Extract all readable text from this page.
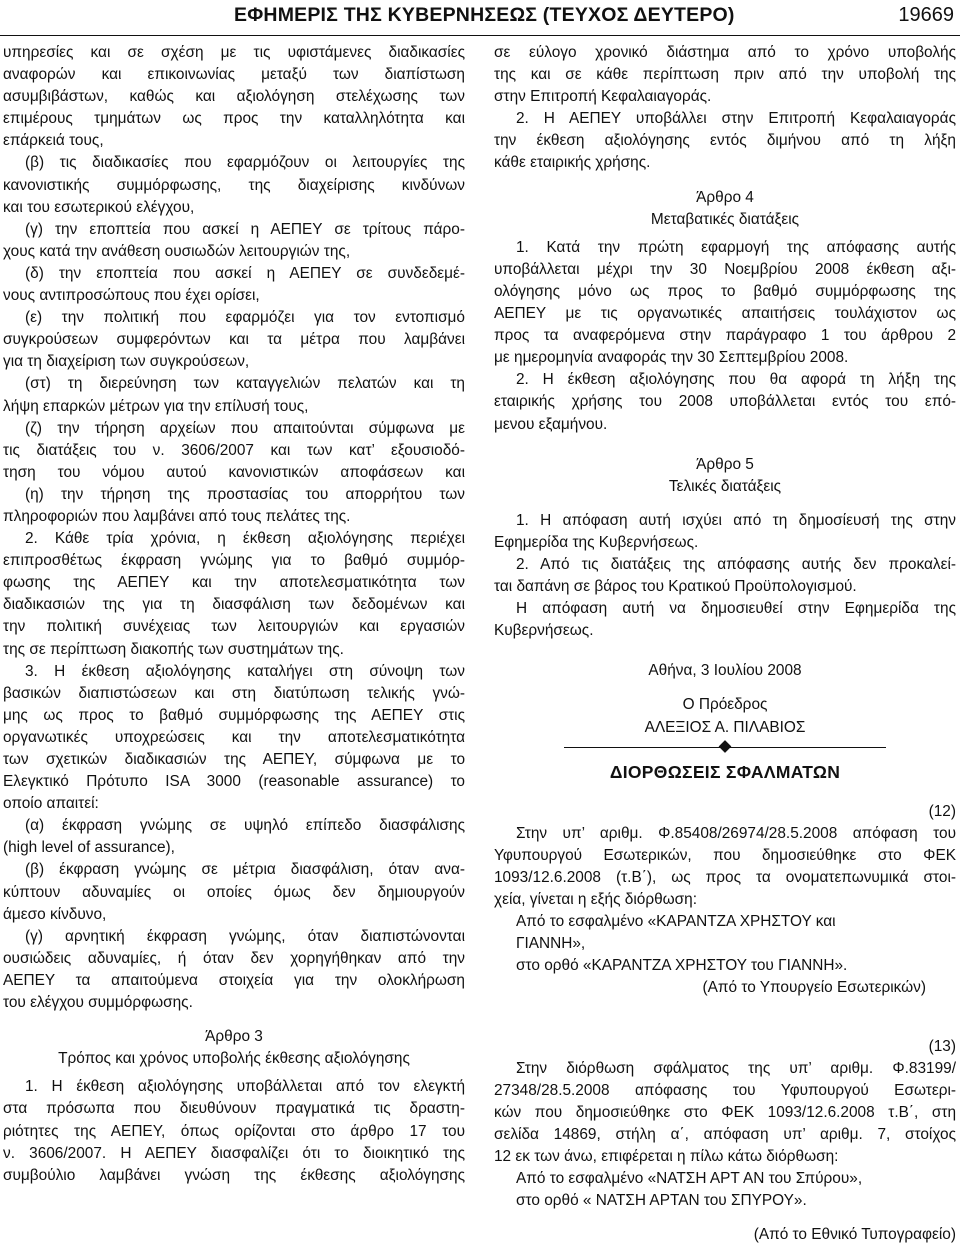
ΕΦΗΜΕΡΙΣ ΤΗΣ ΚΥΒΕΡΝΗΣΕΩΣ (ΤΕΥΧΟΣ ΔΕΥΤΕΡΟ)	19669
υπηρεσίες και σε σχέση με τις υφιστάμενες διαδικασίες
αναφορών και επικοινωνίας μεταξύ των διαπίστωση
ασυμβιβάστων, καθώς και αξιολόγηση στελέχωσης των
επιμέρους τμημάτων ως προς την καταλληλότητα και
επάρκειά τους,
(β) τις διαδικασίες που εφαρμόζουν οι λειτουργίες της
κανονιστικής συμμόρφωσης, της διαχείρισης κινδύνων
και του εσωτερικού ελέγχου,
(γ) την εποπτεία που ασκεί η ΑΕΠΕΥ σε τρίτους πάρο-
χους κατά την ανάθεση ουσιωδών λειτουργιών της,
(δ) την εποπτεία που ασκεί η ΑΕΠΕΥ σε συνδεδεμέ-
νους αντιπροσώπους που έχει ορίσει,
(ε) την πολιτική που εφαρμόζει για τον εντοπισμό
συγκρούσεων συμφερόντων και τα μέτρα που λαμβάνει
για τη διαχείριση των συγκρούσεων,
(στ) τη διερεύνηση των καταγγελιών πελατών και τη
λήψη επαρκών μέτρων για την επίλυσή τους,
(ζ) την τήρηση αρχείων που απαιτούνται σύμφωνα με
τις διατάξεις του ν. 3606/2007 και των κατ’ εξουσιοδό-
τηση του νόμου αυτού κανονιστικών αποφάσεων και
(η) την τήρηση της προστασίας του απορρήτου των
πληροφοριών που λαμβάνει από τους πελάτες της.
2. Κάθε τρία χρόνια, η έκθεση αξιολόγησης περιέχει
επιπροσθέτως έκφραση γνώμης για το βαθμό συμμόρ-
φωσης της ΑΕΠΕΥ και την αποτελεσματικότητα των
διαδικασιών της για τη διασφάλιση των δεδομένων και
την πολιτική συνέχειας των λειτουργιών και εργασιών
της σε περίπτωση διακοπής των συστημάτων της.
3. Η έκθεση αξιολόγησης καταλήγει στη σύνοψη των
βασικών διαπιστώσεων και στη διατύπωση τελικής γνώ-
μης ως προς το βαθμό συμμόρφωσης της ΑΕΠΕΥ στις
οργανωτικές υποχρεώσεις και την αποτελεσματικότητα
των σχετικών διαδικασιών της ΑΕΠΕΥ, σύμφωνα με το
Ελεγκτικό Πρότυπο ISA 3000 (reasonable assurance) το
οποίο απαιτεί:
(α) έκφραση γνώμης σε υψηλό επίπεδο διασφάλισης
(high level of assurance),
(β) έκφραση γνώμης σε μέτρια διασφάλιση, όταν ανα-
κύπτουν αδυναμίες οι οποίες όμως δεν δημιουργούν
άμεσο κίνδυνο,
(γ) αρνητική έκφραση γνώμης, όταν διαπιστώνονται
ουσιώδεις αδυναμίες, ή όταν δεν χορηγήθηκαν από την
ΑΕΠΕΥ τα απαιτούμενα στοιχεία για την ολοκλήρωση
του ελέγχου συμμόρφωσης.

Άρθρο 3

Τρόπος και χρόνος υποβολής έκθεσης αξιολόγησης

1. Η έκθεση αξιολόγησης υποβάλλεται από τον ελεγκτή
στα πρόσωπα που διευθύνουν πραγματικά τις δραστη-
ριότητες της ΑΕΠΕΥ, όπως ορίζονται στο άρθρο 17 του
ν. 3606/2007. Η ΑΕΠΕΥ διασφαλίζει ότι το διοικητικό της
συμβούλιο λαμβάνει γνώση της έκθεσης αξιολόγησης
σε εύλογο χρονικό διάστημα από το χρόνο υποβολής
της και σε κάθε περίπτωση πριν από την υποβολή της
στην Επιτροπή Κεφαλαιαγοράς.
2. Η ΑΕΠΕΥ υποβάλλει στην Επιτροπή Κεφαλαιαγοράς
την έκθεση αξιολόγησης εντός διμήνου από τη λήξη
κάθε εταιρικής χρήσης.

Άρθρο 4

Μεταβατικές διατάξεις

1. Κατά την πρώτη εφαρμογή της απόφασης αυτής
υποβάλλεται μέχρι την 30 Νοεμβρίου 2008 έκθεση αξι-
ολόγησης μόνο ως προς το βαθμό συμμόρφωσης της
ΑΕΠΕΥ με τις οργανωτικές απαιτήσεις τουλάχιστον ως
προς τα αναφερόμενα στην παράγραφο 1 του άρθρου 2
με ημερομηνία αναφοράς την 30 Σεπτεμβρίου 2008.
2. Η έκθεση αξιολόγησης που θα αφορά τη λήξη της
εταιρικής χρήσης του 2008 υποβάλλεται εντός του επό-
μενου εξαμήνου.

Άρθρο 5

Τελικές διατάξεις

1. Η απόφαση αυτή ισχύει από τη δημοσίευσή της στην
Εφημερίδα της Κυβερνήσεως.
2. Από τις διατάξεις της απόφασης αυτής δεν προκαλεί-
ται δαπάνη σε βάρος του Κρατικού Προϋπολογισμού.
Η απόφαση αυτή να δημοσιευθεί στην Εφημερίδα της
Κυβερνήσεως.

Αθήνα, 3 Ιουλίου 2008

Ο Πρόεδρος

ΑΛΕΞΙΟΣ Α. ΠΙΛΑΒΙΟΣ

ΔΙΟΡΘΩΣΕΙΣ ΣΦΑΛΜΑΤΩΝ

(12)

Στην υπ’ αριθμ. Φ.85408/26974/28.5.2008 απόφαση του
Υφυπουργού Εσωτερικών, που δημοσιεύθηκε στο ΦΕΚ
1093/12.6.2008 (τ.Β΄), ως προς τα ονοματεπωνυμικά στοι-
χεία, γίνεται η εξής διόρθωση:
Από το εσφαλμένο «ΚΑΡΑΝΤΖΑ ΧΡΗΣΤΟΥ και
ΓΙΑΝΝΗ»,
στο ορθό «ΚΑΡΑΝΤΖΑ ΧΡΗΣΤΟΥ του ΓΙΑΝΝΗ».

(Από το Υπουργείο Εσωτερικών)

(13)

Στην διόρθωση σφάλματος της υπ’ αριθμ. Φ.83199/
27348/28.5.2008 απόφασης του Υφυπουργού Εσωτερι-
κών που δημοσιεύθηκε στο ΦΕΚ 1093/12.6.2008 τ.Β΄, στη
σελίδα 14869, στήλη α΄, απόφαση υπ’ αριθμ. 7, στοίχος
12 εκ των άνω, επιφέρεται η πίλω κάτω διόρθωση:
Από το εσφαλμένο «ΝΑΤΣΗ ΑΡΤ ΑΝ του Σπύρου»,
στο ορθό « ΝΑΤΣΗ ΑΡΤΑΝ του ΣΠΥΡΟΥ».

(Από το Εθνικό Τυπογραφείο)
